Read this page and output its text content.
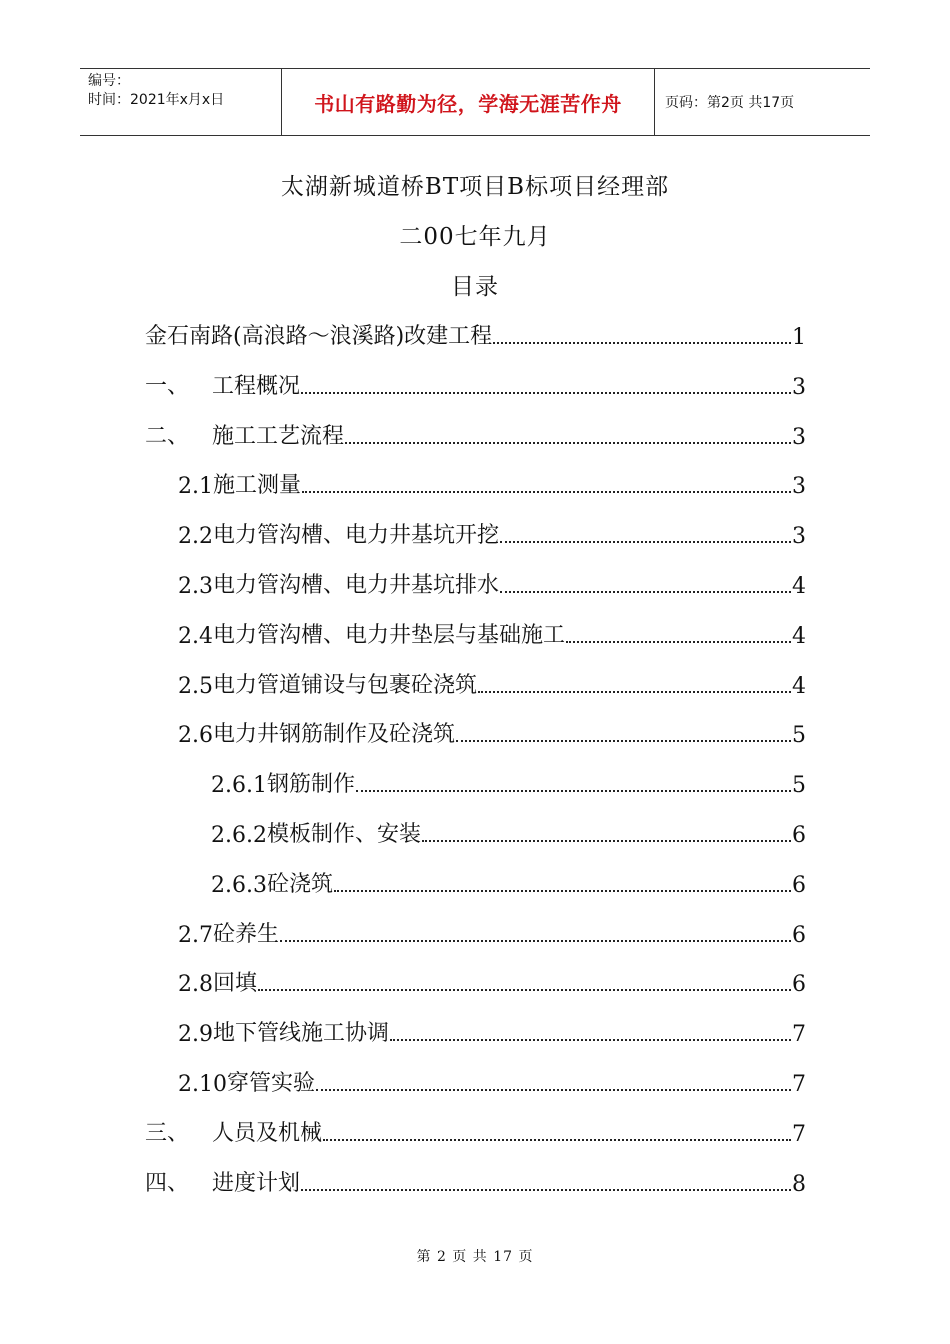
编号：
时间：2021年x月x日	书山有路勤为径，学海无涯苦作舟	页码：第2页 共17页
太湖新城道桥BT项目B标项目经理部
二00七年九月
目录
金石南路(高浪路～浪溪路)改建工程	1
一、	工程概况	3
二、	施工工艺流程	3
2.1 施工测量	3
2.2 电力管沟槽、电力井基坑开挖	3
2.3 电力管沟槽、电力井基坑排水	4
2.4 电力管沟槽、电力井垫层与基础施工	4
2.5 电力管道铺设与包裹砼浇筑	4
2.6 电力井钢筋制作及砼浇筑	5
2.6.1 钢筋制作	5
2.6.2 模板制作、安装	6
2.6.3 砼浇筑	6
2.7 砼养生	6
2.8 回填	6
2.9 地下管线施工协调	7
2.10 穿管实验	7
三、	人员及机械	7
四、	进度计划	8
第 2 页 共 17 页
